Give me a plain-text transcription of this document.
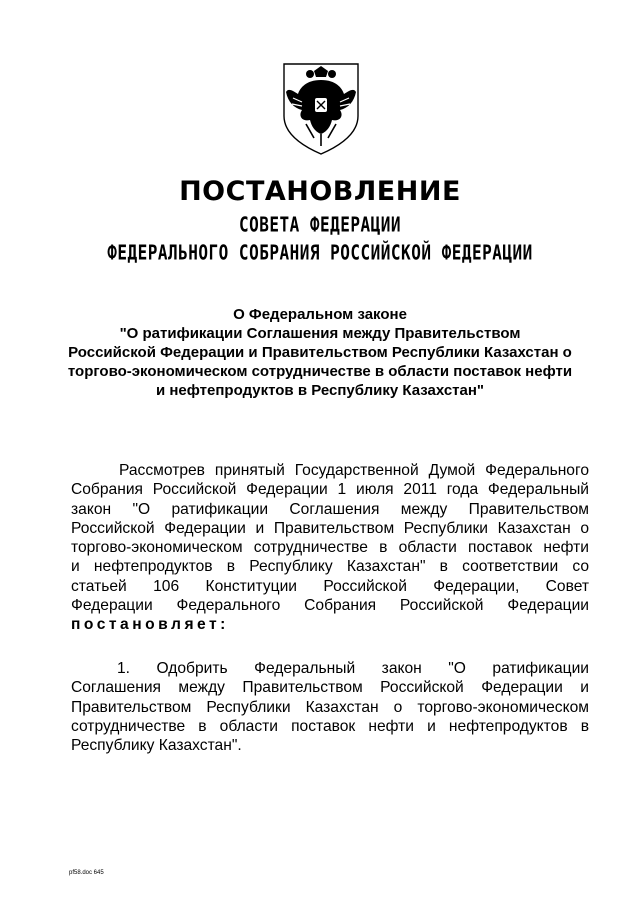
ПОСТАНОВЛЕНИЕ
СОВЕТА ФЕДЕРАЦИИ
ФЕДЕРАЛЬНОГО СОБРАНИЯ РОССИЙСКОЙ ФЕДЕРАЦИИ
О Федеральном законе
"О ратификации Соглашения между Правительством
Российской Федерации и Правительством Республики Казахстан о
торгово-экономическом сотрудничестве в области поставок нефти
и нефтепродуктов в Республику Казахстан"
Рассмотрев принятый Государственной Думой Федерального
Собрания Российской Федерации 1 июля 2011 года Федеральный
закон "О ратификации Соглашения между Правительством
Российской Федерации и Правительством Республики Казахстан о
торгово-экономическом сотрудничестве в области поставок нефти
и нефтепродуктов в Республику Казахстан" в соответствии со
статьей 106 Конституции Российской Федерации, Совет
Федерации Федерального Собрания Российской Федерации
постановляет:
1. Одобрить Федеральный закон "О ратификации
Соглашения между Правительством Российской Федерации и
Правительством Республики Казахстан о торгово-экономическом
сотрудничестве в области поставок нефти и нефтепродуктов в
Республику Казахстан".
pf58.doc 645
